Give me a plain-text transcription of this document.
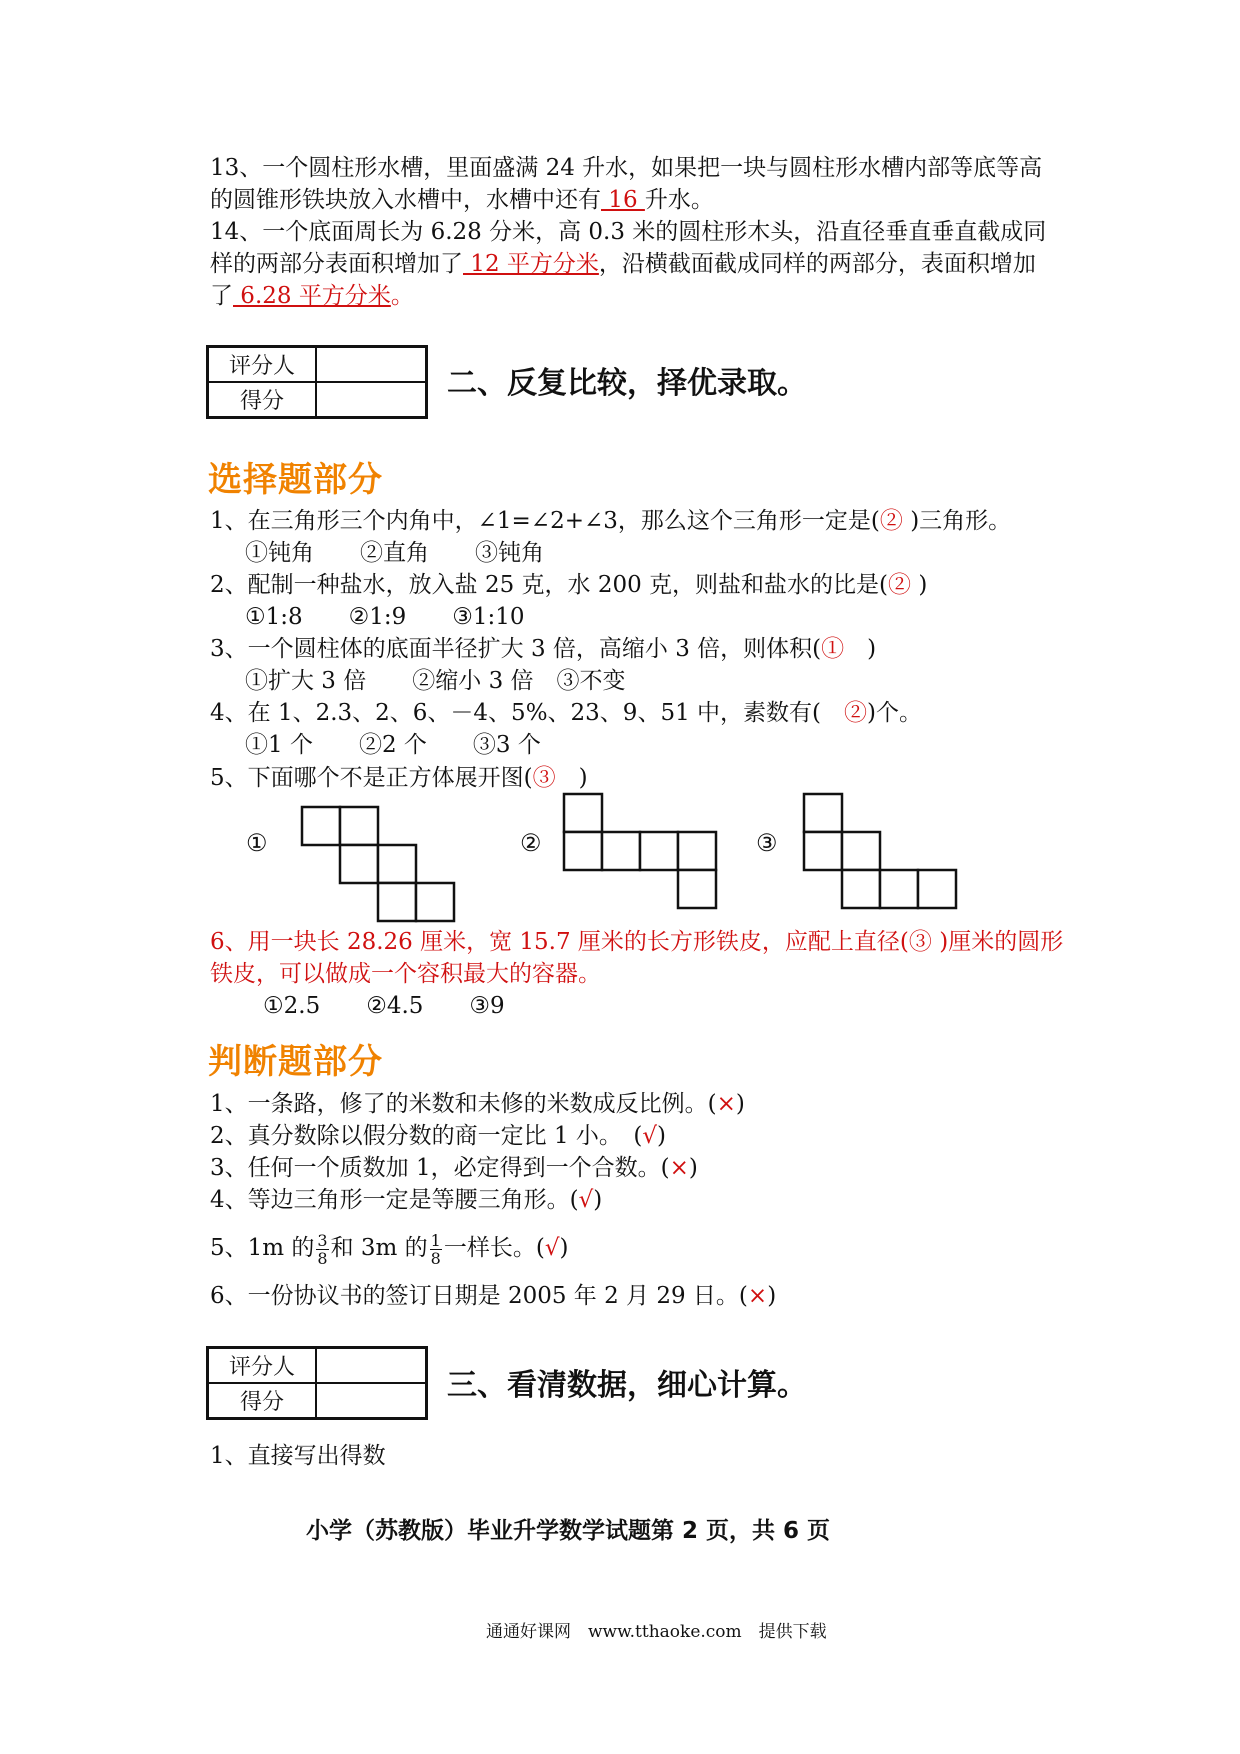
13、一个圆柱形水槽，里面盛满 24 升水，如果把一块与圆柱形水槽内部等底等高
的圆锥形铁块放入水槽中，水槽中还有 16 升水。
14、一个底面周长为 6.28 分米，高 0.3 米的圆柱形木头，沿直径垂直垂直截成同
样的两部分表面积增加了 12 平方分米，沿横截面截成同样的两部分，表面积增加
了 6.28 平方分米。
评分人	
得分	
二、反复比较，择优录取。
选择题部分
1、在三角形三个内角中，∠1=∠2+∠3，那么这个三角形一定是(② )三角形。
①钝角　　②直角　　③钝角
2、配制一种盐水，放入盐 25 克，水 200 克，则盐和盐水的比是(② )
①1:8　　②1:9　　③1:10
3、一个圆柱体的底面半径扩大 3 倍，高缩小 3 倍，则体积(①　)
①扩大 3 倍　　②缩小 3 倍　③不变
4、在 1、2.3、2、6、－4、5%、23、9、51 中，素数有(　②)个。
①1 个　　②2 个　　③3 个
5、下面哪个不是正方体展开图(③　)
①	②	③
6、用一块长 28.26 厘米，宽 15.7 厘米的长方形铁皮，应配上直径(③ )厘米的圆形
铁皮，可以做成一个容积最大的容器。
①2.5　　②4.5　　③9
判断题部分
1、一条路，修了的米数和未修的米数成反比例。(×)
2、真分数除以假分数的商一定比 1 小。　(√)
3、任何一个质数加 1，必定得到一个合数。(×)
4、等边三角形一定是等腰三角形。(√)
5、1m 的 $\frac{3}{8}$ 和 3m 的 $\frac{1}{8}$ 一样长。(√)
6、一份协议书的签订日期是 2005 年 2 月 29 日。(×)
评分人	
得分		三、看清数据，细心计算。
1、直接写出得数
小学（苏教版）毕业升学数学试题第 2 页，共 6 页
通通好课网　www.tthaoke.com　提供下载
